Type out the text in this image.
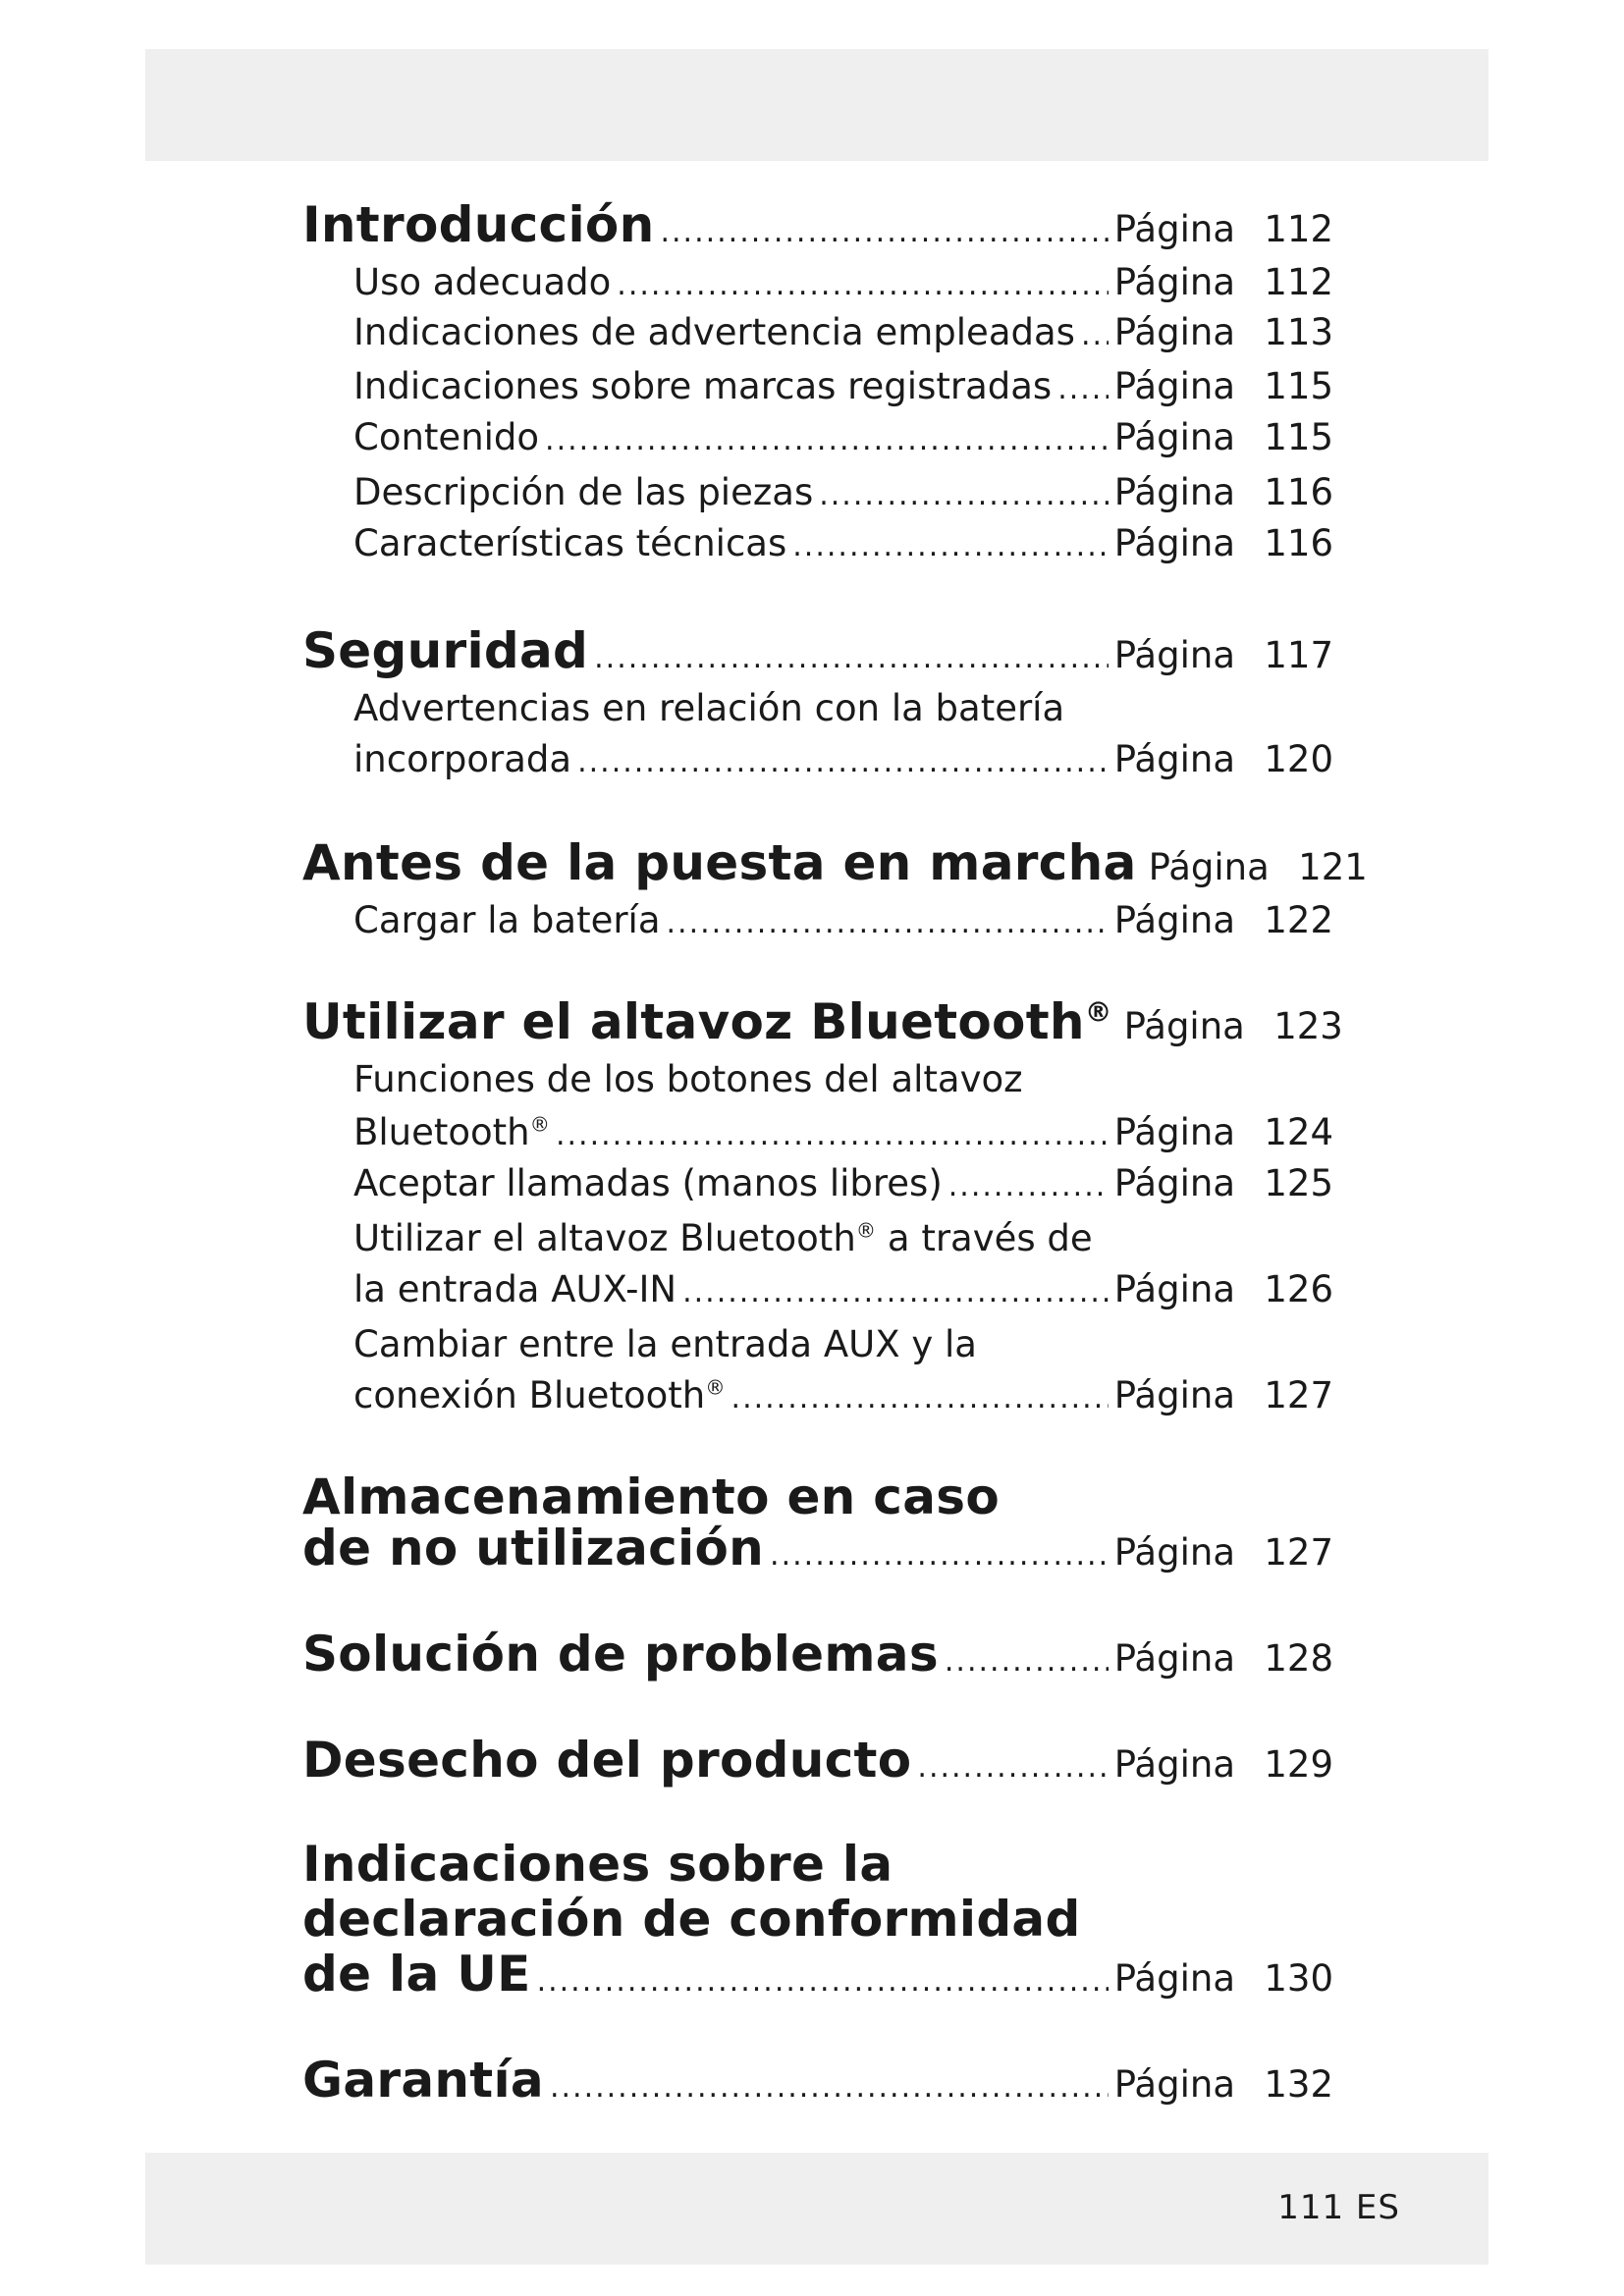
111 ES
Introducción .....	Página 112
Uso adecuado .....	Página 112
Indicaciones de advertencia empleadas ..... Página 113
Indicaciones sobre marcas registradas ..... Página 115
Contenido .....	Página 115
Descripción de las piezas .....	Página 116
Características técnicas .....	Página 116
Seguridad .....	Página 117
Advertencias en relación con la batería
incorporada .....	Página 120
Antes de la puesta en marcha Página 121
Cargar la batería .....	Página 122
Utilizar el altavoz Bluetooth® Página 123
Funciones de los botones del altavoz
Bluetooth® .....	Página 124
Aceptar llamadas (manos libres) .....	Página 125
Utilizar el altavoz Bluetooth® a través de
la entrada AUX-IN .....	Página 126
Cambiar entre la entrada AUX y la
conexión Bluetooth® .....	Página 127
Almacenamiento en caso
de no utilización .....	Página 127
Solución de problemas .....	Página 128
Desecho del producto .....	Página 129
Indicaciones sobre la
declaración de conformidad
de la UE .....	Página 130
Garantía .....	Página 132
